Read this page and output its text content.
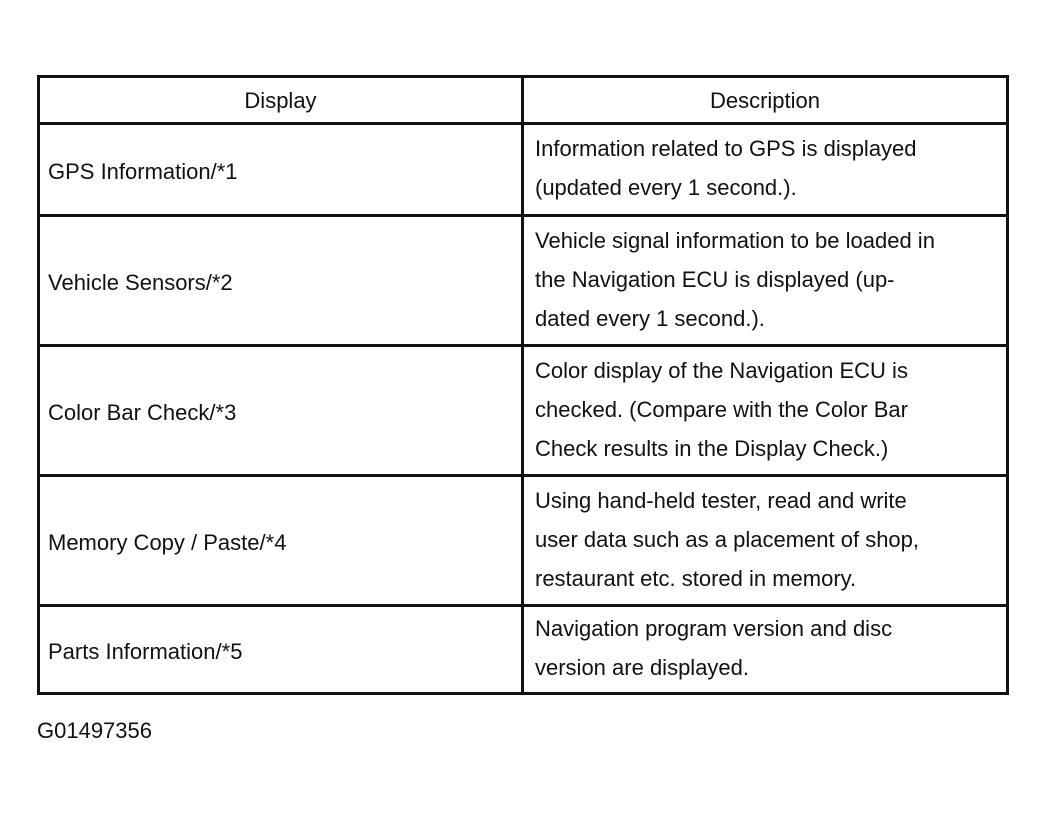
Display	Description
GPS Information/*1	Information related to GPS is displayed
(updated every 1 second.).

Vehicle Sensors/*2	Vehicle signal information to be loaded in
the Navigation ECU is displayed (up-
dated every 1 second.).

Color Bar Check/*3	Color display of the Navigation ECU is
checked. (Compare with the Color Bar
Check results in the Display Check.)

Memory Copy / Paste/*4	Using hand-held tester, read and write
user data such as a placement of shop,
restaurant etc. stored in memory.

Parts Information/*5	Navigation program version and disc
version are displayed.
G01497356
